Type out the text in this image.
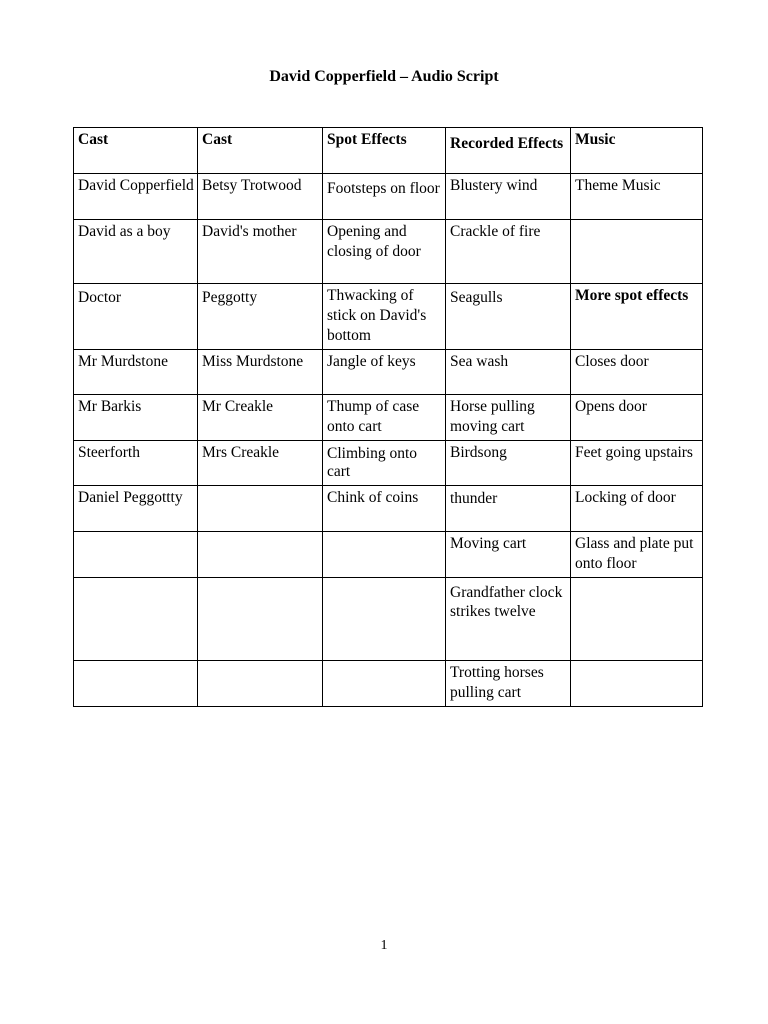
David Copperfield – Audio Script
Cast	Cast	Spot Effects	Recorded Effects	Music
David Copperfield	Betsy Trotwood	Footsteps on floor	Blustery wind	Theme Music
David as a boy	David's mother	Opening and closing of door	Crackle of fire	
Doctor	Peggotty	Thwacking of stick on David's bottom	Seagulls	More spot effects
Mr Murdstone	Miss Murdstone	Jangle of keys	Sea wash	Closes door
Mr Barkis	Mr Creakle	Thump of case onto cart	Horse pulling moving cart	Opens door
Steerforth	Mrs Creakle	Climbing onto cart	Birdsong	Feet going upstairs
Daniel Peggottty		Chink of coins	thunder	Locking of door
			Moving cart	Glass and plate put onto floor
			Grandfather clock strikes twelve	
			Trotting horses pulling cart	
1
